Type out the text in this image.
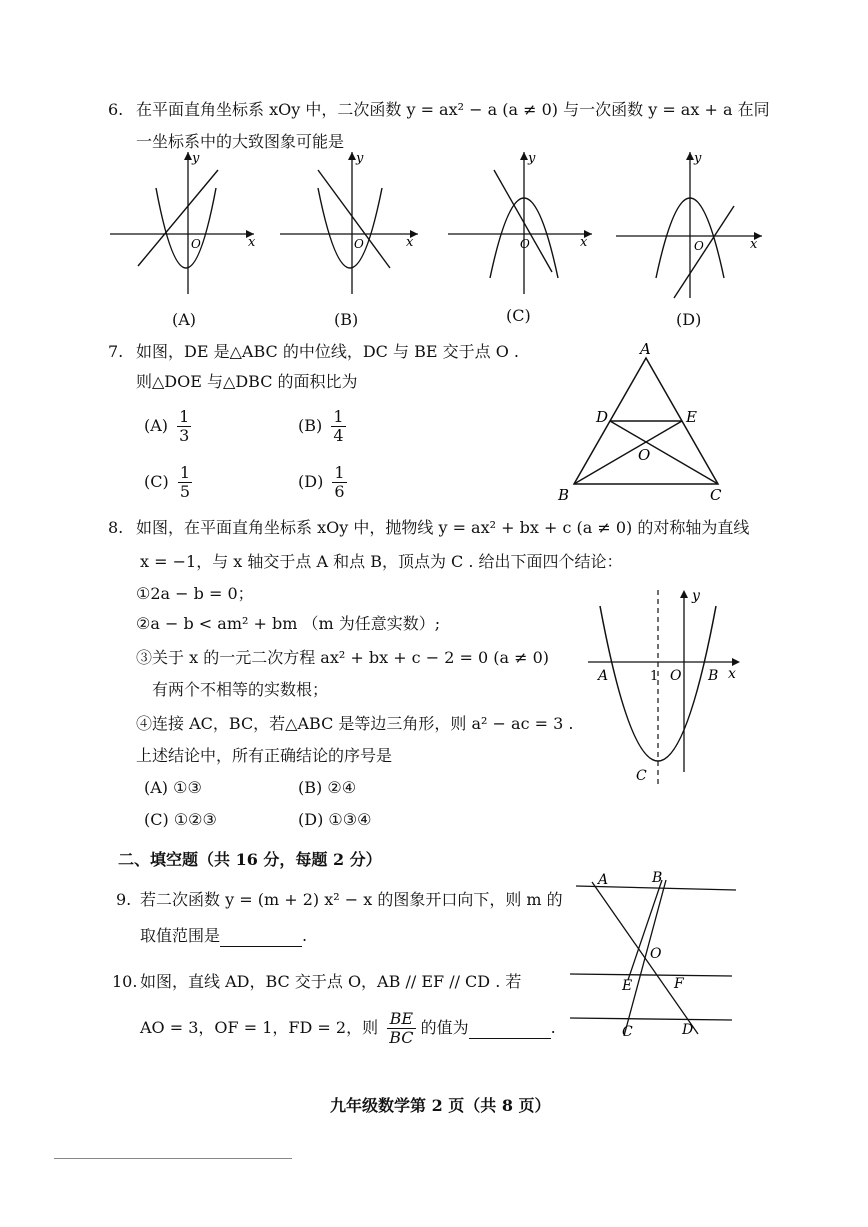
6. 在平面直角坐标系 xOy 中，二次函数 y = ax² − a (a ≠ 0) 与一次函数 y = ax + a 在同
一坐标系中的大致图象可能是
x
y
O
(A)
x
y
O
(B)
x
y
O
(C)
x
y
O
(D)
7. 如图，DE 是△ABC 的中位线，DC 与 BE 交于点 O .
则△DOE 与△DBC 的面积比为
$(A) \frac{1}{3}$	$(B) \frac{1}{4}$
$(C) \frac{1}{5}$	$(D) \frac{1}{6}$
A
D	E
O
B	C
8. 如图，在平面直角坐标系 xOy 中，抛物线 y = ax² + bx + c (a ≠ 0) 的对称轴为直线
x = −1，与 x 轴交于点 A 和点 B，顶点为 C . 给出下面四个结论：
①2a − b = 0；
②a − b < am² + bm （m 为任意实数）;
③关于 x 的一元二次方程 ax² + bx + c − 2 = 0 (a ≠ 0)
有两个不相等的实数根；
④连接 AC，BC，若△ABC 是等边三角形，则 a² − ac = 3 .
上述结论中，所有正确结论的序号是
(A) ①③	(B) ②④
(C) ①②③	(D) ①③④
y
x
A	1 O B
C
二、填空题（共 16 分，每题 2 分）
9. 若二次函数 y = (m + 2) x² − x 的图象开口向下，则 m 的
取值范围是	.
10. 如图，直线 AD，BC 交于点 O，AB // EF // CD . 若
AO = 3，OF = 1，FD = 2，则 $\frac{BE}{BC}$ 的值为	.
A	B
O
E	F
C	D
九年级数学第 2 页（共 8 页）
